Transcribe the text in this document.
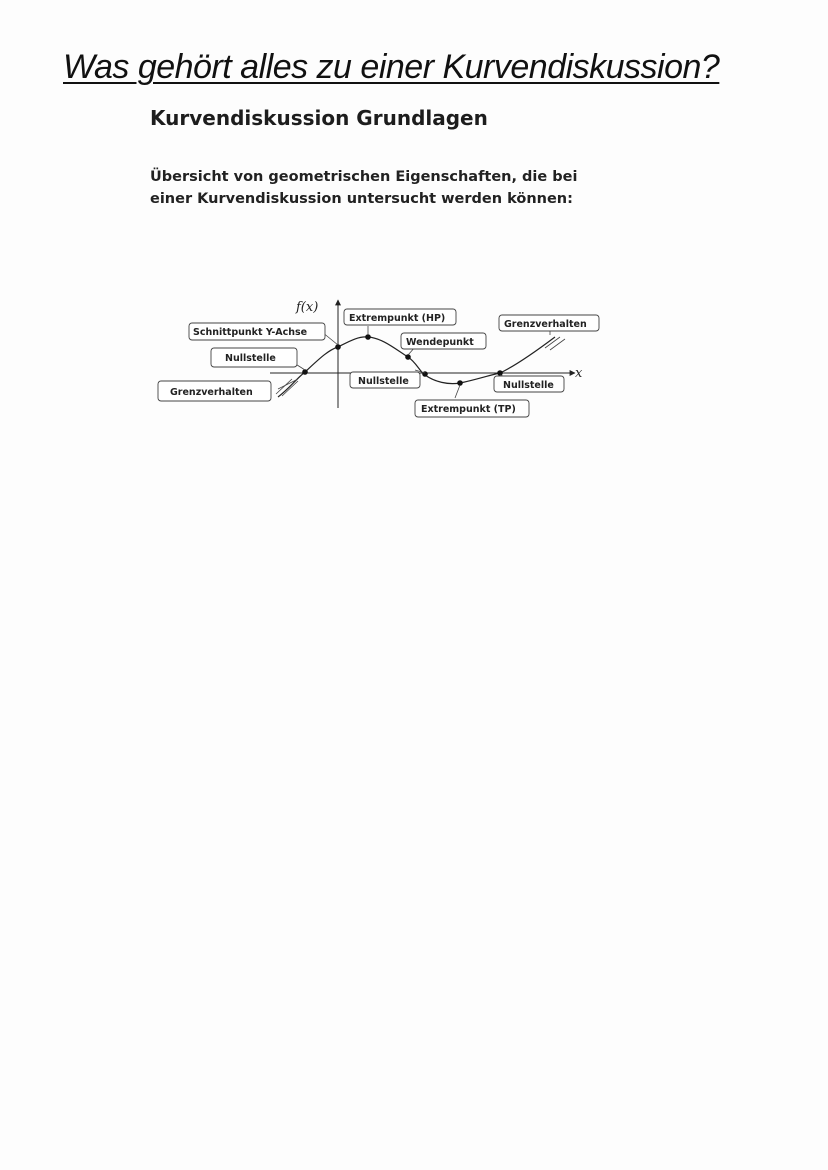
Was gehört alles zu einer Kurvendiskussion?
Kurvendiskussion Grundlagen

Übersicht von geometrischen Eigenschaften, die bei einer Kurvendiskussion untersucht werden können:

f(x)
x
Extrempunkt (HP)
Schnittpunkt Y-Achse
Grenzverhalten
Wendepunkt
Nullstelle
Nullstelle	Nullstelle
Grenzverhalten
Extrempunkt (TP)
